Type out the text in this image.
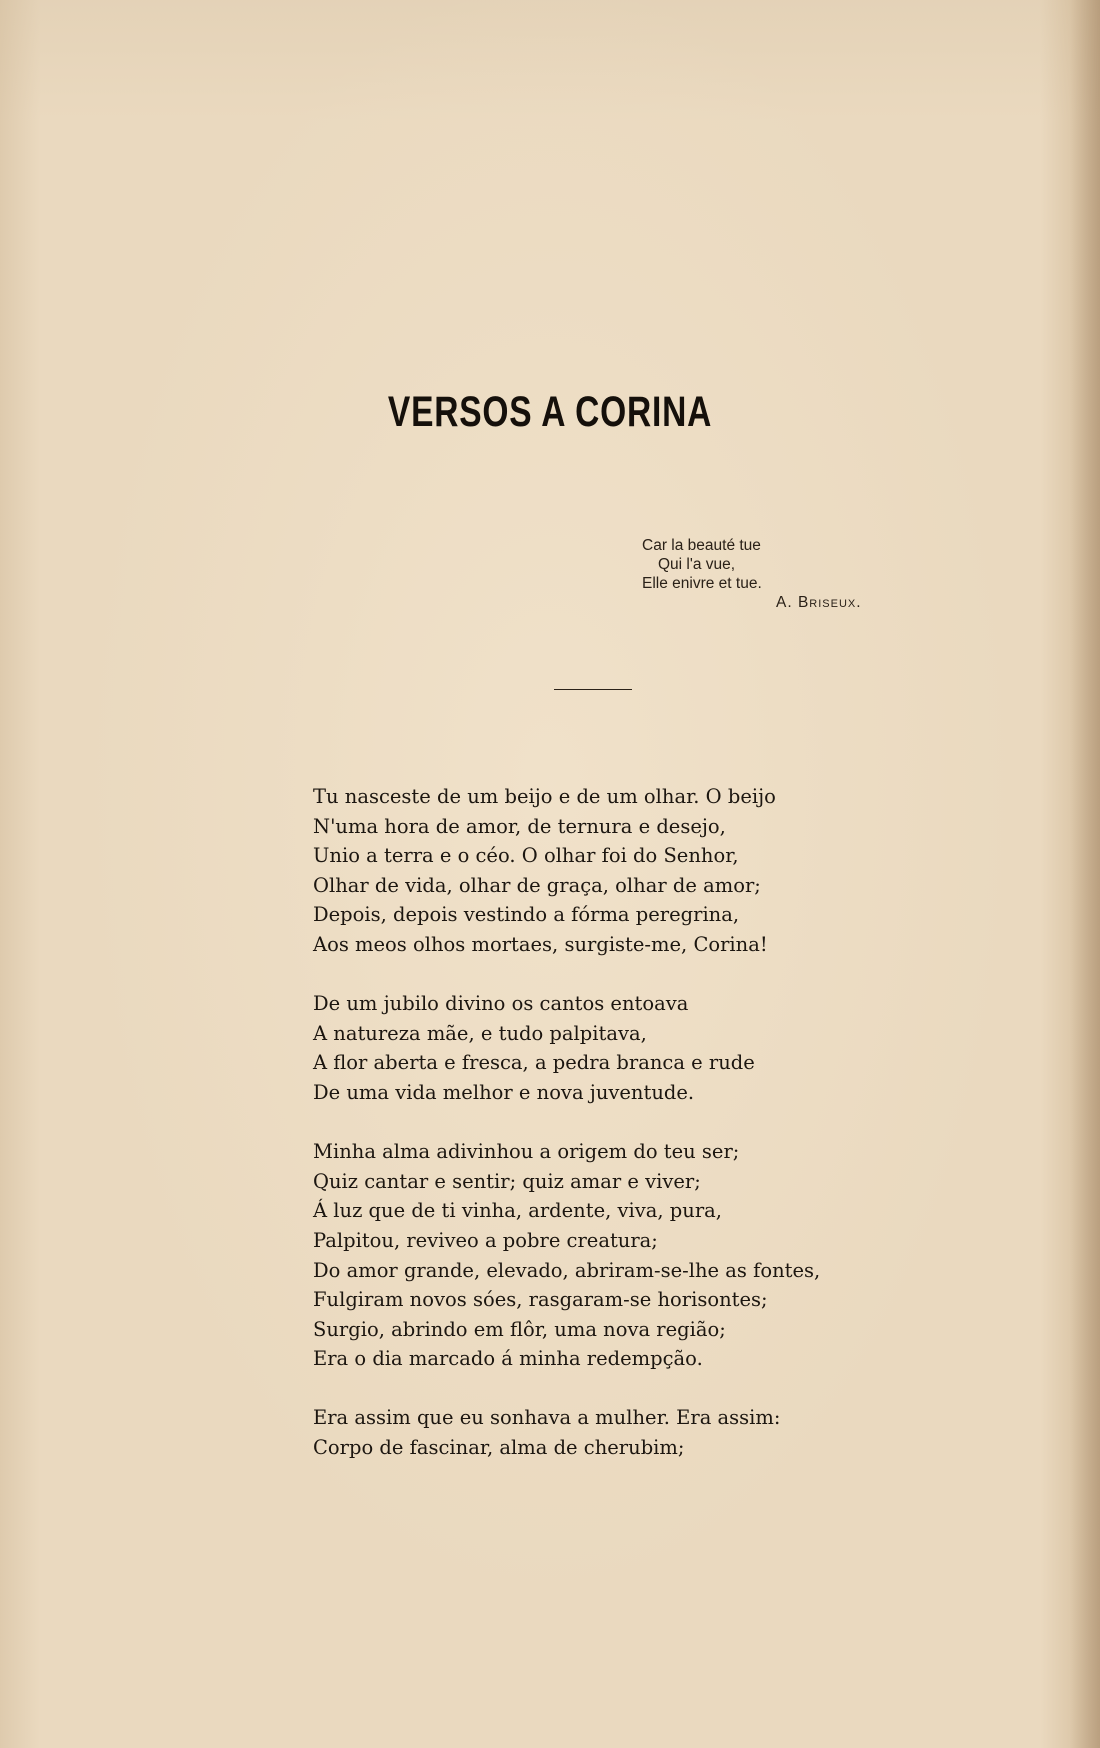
VERSOS A CORINA
Car la beauté tue
Qui l'a vue,
Elle enivre et tue.
A. Briseux.
Tu nasceste de um beijo e de um olhar. O beijo
N'uma hora de amor, de ternura e desejo,
Unio a terra e o céo. O olhar foi do Senhor,
Olhar de vida, olhar de graça, olhar de amor;
Depois, depois vestindo a fórma peregrina,
Aos meos olhos mortaes, surgiste-me, Corina!
De um jubilo divino os cantos entoava
A natureza mãe, e tudo palpitava,
A flor aberta e fresca, a pedra branca e rude
De uma vida melhor e nova juventude.
Minha alma adivinhou a origem do teu ser;
Quiz cantar e sentir; quiz amar e viver;
Á luz que de ti vinha, ardente, viva, pura,
Palpitou, reviveo a pobre creatura;
Do amor grande, elevado, abriram-se-lhe as fontes,
Fulgiram novos sóes, rasgaram-se horisontes;
Surgio, abrindo em flôr, uma nova região;
Era o dia marcado á minha redempção.
Era assim que eu sonhava a mulher. Era assim:
Corpo de fascinar, alma de cherubim;
